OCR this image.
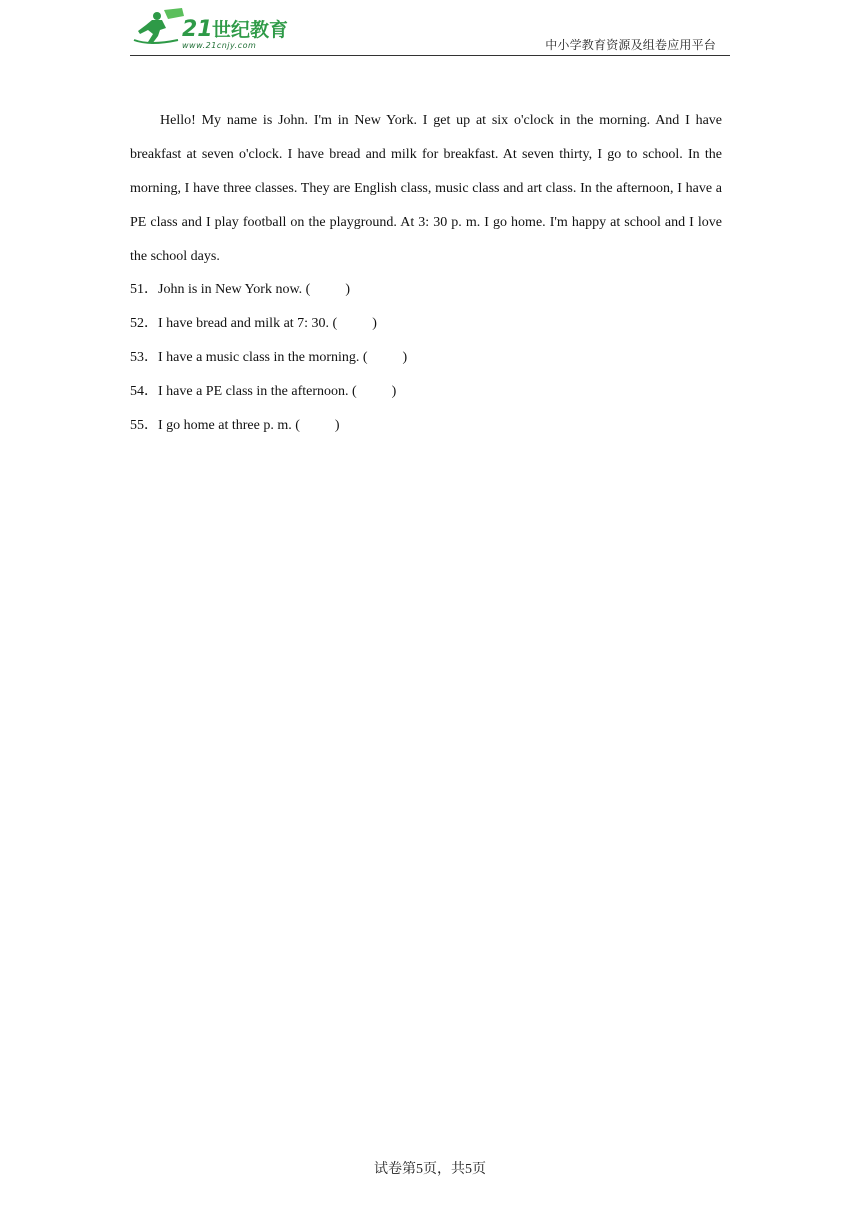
21 世纪教育
www.21cnjy.com	中小学教育资源及组卷应用平台

Hello! My name is John. I'm in New York. I get up at six o'clock in the morning. And I have breakfast at seven o'clock. I have bread and milk for breakfast. At seven thirty, I go to school. In the morning, I have three classes. They are English class, music class and art class. In the afternoon, I have a PE class and I play football on the playground. At 3: 30 p. m. I go home. I'm happy at school and I love the school days.

51．John is in New York now. (          )
52．I have bread and milk at 7: 30. (          )
53．I have a music class in the morning. (          )
54．I have a PE class in the afternoon. (          )
55．I go home at three p. m. (          )
试卷第5页，共5页
